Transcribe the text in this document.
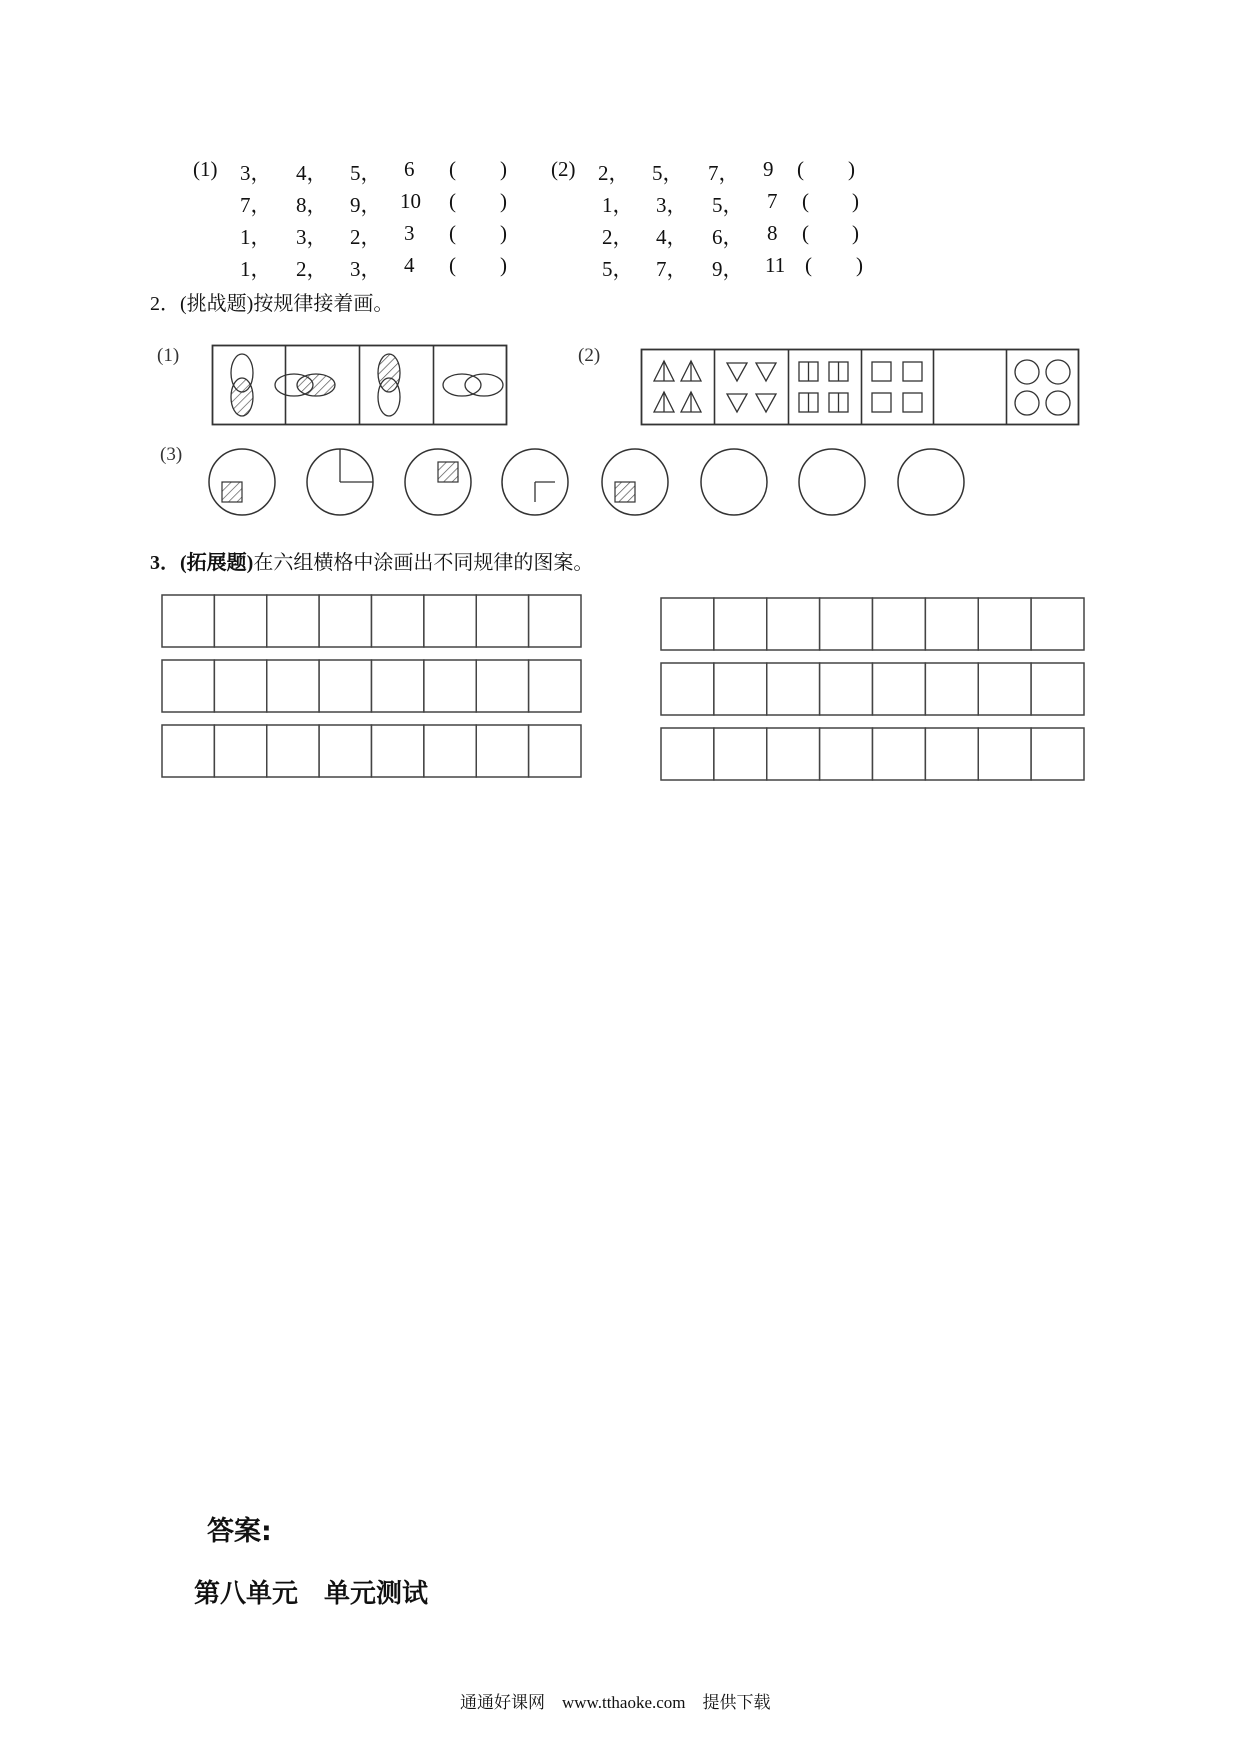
(1)	(2)
3， 4， 5， 6 ( )
7， 8， 9， 10 ( )
1， 3， 2， 3 ( )
1， 2， 3， 4 ( )
2， 5， 7， 9 ( )
1， 3， 5， 7 ( )
2， 4， 6， 8 ( )
5， 7， 9， 11 ( )
2．(挑战题)按规律接着画。
(1)	(2)
(3)
3．(拓展题)在六组横格中涂画出不同规律的图案。
答案:
第八单元　单元测试
通通好课网　www.tthaoke.com　提供下载
